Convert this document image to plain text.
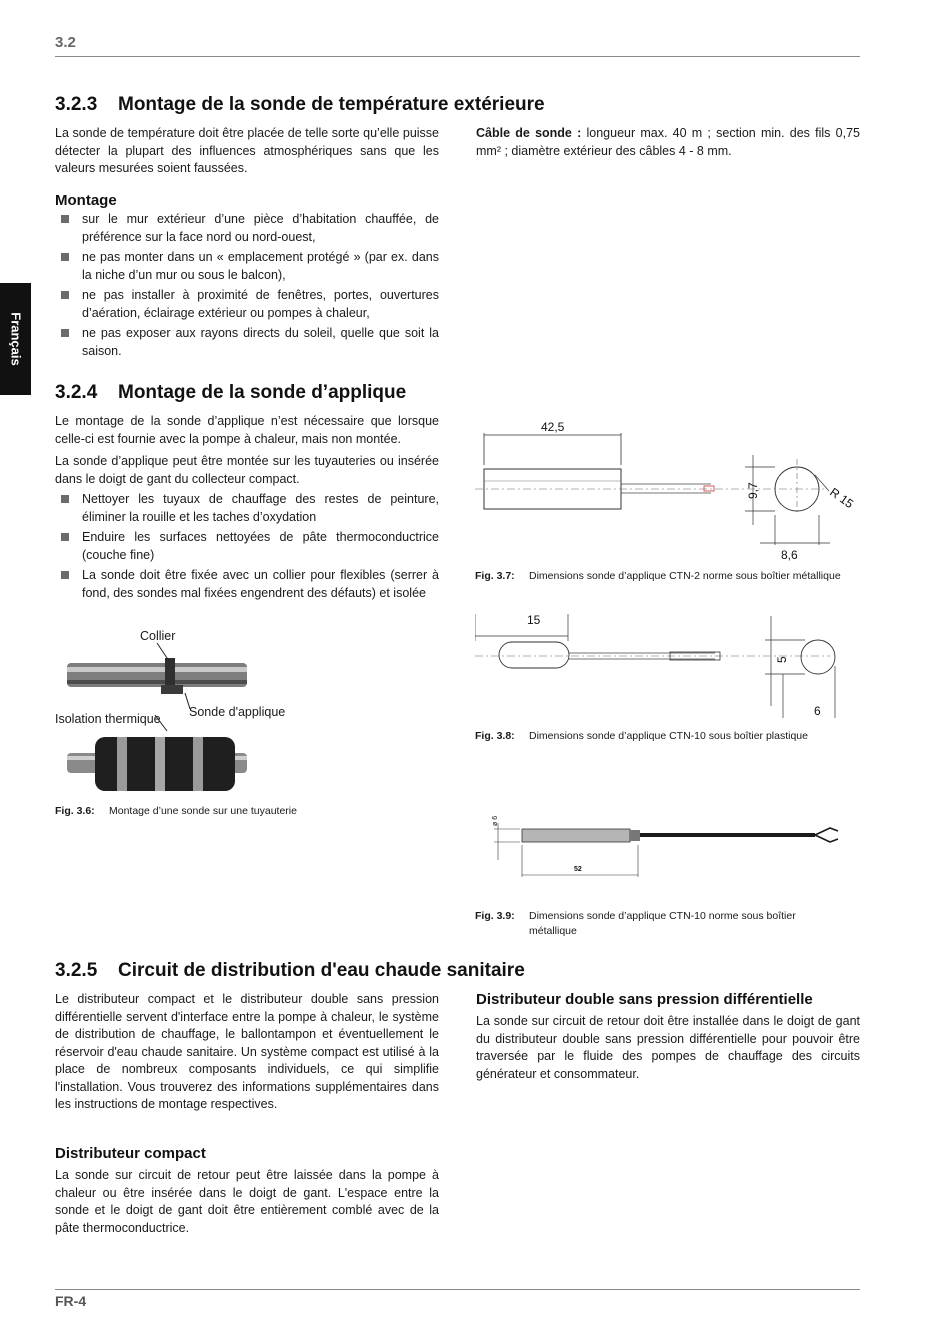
3.2
Français
3.2.3 Montage de la sonde de température extérieure

La sonde de température doit être placée de telle sorte qu’elle puisse détecter la plupart des influences atmosphériques sans que les valeurs mesurées soient faussées.

Câble de sonde : longueur max. 40 m ; section min. des fils 0,75 mm² ; diamètre extérieur des câbles 4 - 8 mm.

Montage
sur le mur extérieur d’une pièce d’habitation chauffée, de préférence sur la face nord ou nord-ouest,
ne pas monter dans un « emplacement protégé » (par ex. dans la niche d’un mur ou sous le balcon),
ne pas installer à proximité de fenêtres, portes, ouvertures d’aération, éclairage extérieur ou pompes à chaleur,
ne pas exposer aux rayons directs du soleil, quelle que soit la saison.
3.2.4 Montage de la sonde d’applique

Le montage de la sonde d’applique n’est nécessaire que lorsque celle-ci est fournie avec la pompe à chaleur, mais non montée.

La sonde d’applique peut être montée sur les tuyauteries ou insérée dans le doigt de gant du collecteur compact.

Nettoyer les tuyaux de chauffage des restes de peinture, éliminer la rouille et les taches d’oxydation
Enduire les surfaces nettoyées de pâte thermoconductrice (couche fine)
La sonde doit être fixée avec un collier pour flexibles (serrer à fond, des sondes mal fixées engendrent des défauts) et isolée
Collier
Sonde d'applique
Isolation thermique
Fig. 3.6: Montage d’une sonde sur une tuyauterie
42,5
9,7	R 15
8,6
Fig. 3.7: Dimensions sonde d’applique CTN-2 norme sous boîtier métallique
15
5
6
Fig. 3.8: Dimensions sonde d’applique CTN-10 sous boîtier plastique
ø 6
52
Fig. 3.9: Dimensions sonde d’applique CTN-10 norme sous boîtier métallique
3.2.5 Circuit de distribution d'eau chaude sanitaire

Le distributeur compact et le distributeur double sans pression différentielle servent d'interface entre la pompe à chaleur, le système de distribution de chauffage, le ballontampon et éventuellement le réservoir d'eau chaude sanitaire. Un système compact est utilisé à la place de nombreux composants individuels, ce qui simplifie l'installation. Vous trouverez des informations supplémentaires dans les instructions de montage respectives.

Distributeur compact

La sonde sur circuit de retour peut être laissée dans la pompe à chaleur ou être insérée dans le doigt de gant. L'espace entre la sonde et le doigt de gant doit être entièrement comblé avec de la pâte thermoconductrice.

Distributeur double sans pression différentielle

La sonde sur circuit de retour doit être installée dans le doigt de gant du distributeur double sans pression différentielle pour pouvoir être traversée par le fluide des pompes de chauffage des circuits générateur et consommateur.

FR-4
